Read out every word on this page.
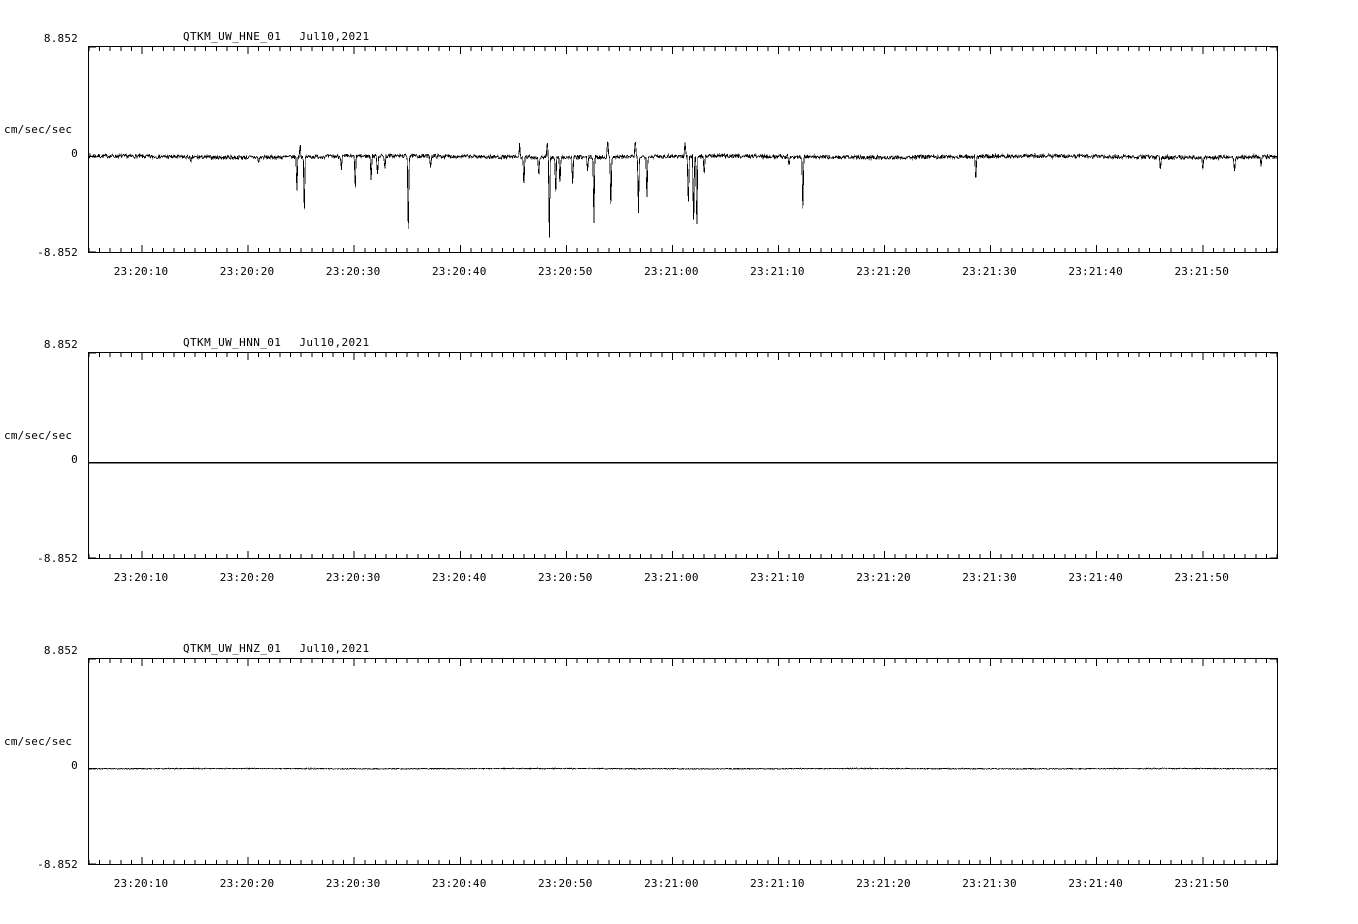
QTKM_UW_HNE_01 Jul10,2021
cm/sec/sec
8.852
0
-8.852
23:20:10	23:20:20	23:20:30	23:20:40	23:20:50	23:21:00	23:21:10	23:21:20	23:21:30	23:21:40	23:21:50
QTKM_UW_HNN_01 Jul10,2021
cm/sec/sec
8.852
0
-8.852
23:20:10	23:20:20	23:20:30	23:20:40	23:20:50	23:21:00	23:21:10	23:21:20	23:21:30	23:21:40	23:21:50
QTKM_UW_HNZ_01 Jul10,2021
cm/sec/sec
8.852
0
-8.852
23:20:10	23:20:20	23:20:30	23:20:40	23:20:50	23:21:00	23:21:10	23:21:20	23:21:30	23:21:40	23:21:50
